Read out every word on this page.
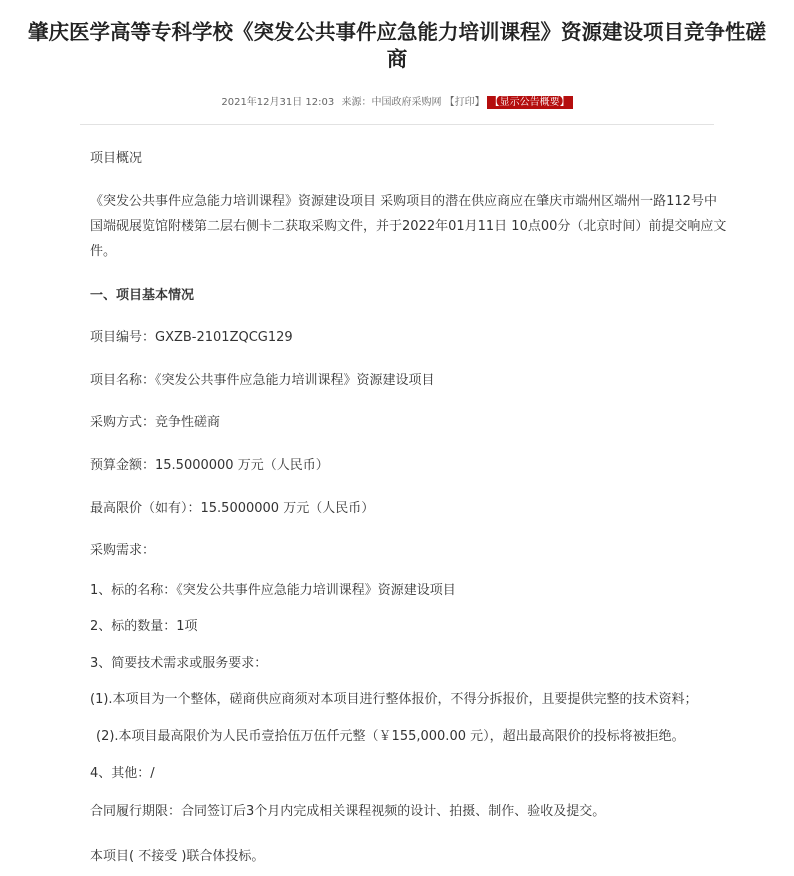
肇庆医学高等专科学校《突发公共事件应急能力培训课程》资源建设项目竞争性磋
商
2021年12月31日 12:03 来源：中国政府采购网 【打印】 【显示公告概要】
项目概况
《突发公共事件应急能力培训课程》资源建设项目 采购项目的潜在供应商应在肇庆市端州区端州一路112号中
国端砚展览馆附楼第二层右侧卡二获取采购文件，并于2022年01月11日 10点00分（北京时间）前提交响应文
件。
一、项目基本情况
项目编号：GXZB-2101ZQCG129
项目名称：《突发公共事件应急能力培训课程》资源建设项目
采购方式：竞争性磋商
预算金额：15.5000000 万元（人民币）
最高限价（如有）：15.5000000 万元（人民币）
采购需求：
1、标的名称：《突发公共事件应急能力培训课程》资源建设项目
2、标的数量：1项
3、简要技术需求或服务要求：
(1).本项目为一个整体，磋商供应商须对本项目进行整体报价，不得分拆报价，且要提供完整的技术资料；
(2).本项目最高限价为人民币壹拾伍万伍仟元整（￥155,000.00 元），超出最高限价的投标将被拒绝。
4、其他：/
合同履行期限：合同签订后3个月内完成相关课程视频的设计、拍摄、制作、验收及提交。
本项目( 不接受 )联合体投标。
